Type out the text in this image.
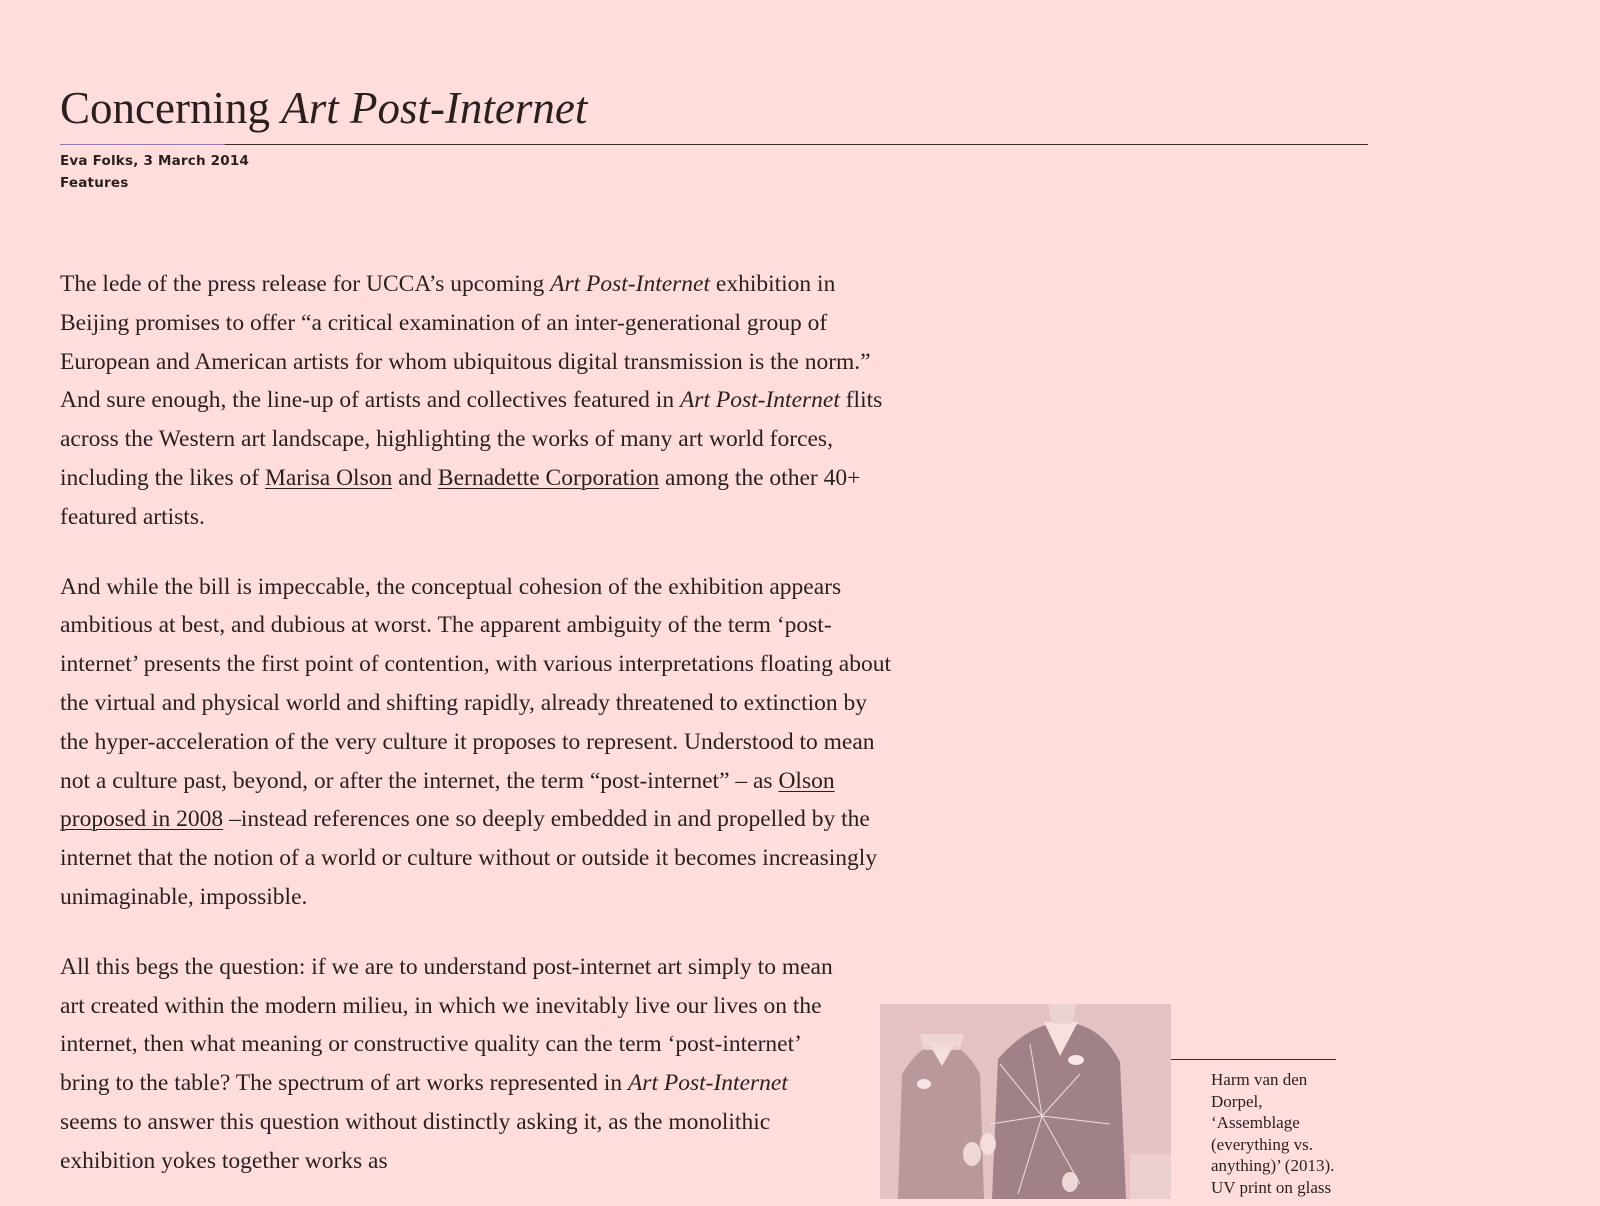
Concerning Art Post-Internet
Eva Folks, 3 March 2014
Features

The lede of the press release for UCCA’s upcoming Art Post-Internet exhibition in Beijing promises to offer “a critical examination of an inter-generational group of European and American artists for whom ubiquitous digital transmission is the norm.” And sure enough, the line-up of artists and collectives featured in Art Post-Internet flits across the Western art landscape, highlighting the works of many art world forces, including the likes of Marisa Olson and Bernadette Corporation among the other 40+ featured artists.

And while the bill is impeccable, the conceptual cohesion of the exhibition appears ambitious at best, and dubious at worst. The apparent ambiguity of the term ‘post-internet’ presents the first point of contention, with various interpretations floating about the virtual and physical world and shifting rapidly, already threatened to extinction by the hyper-acceleration of the very culture it proposes to represent. Understood to mean not a culture past, beyond, or after the internet, the term “post-internet” – as Olson proposed in 2008 –instead references one so deeply embedded in and propelled by the internet that the notion of a world or culture without or outside it becomes increasingly unimaginable, impossible.

All this begs the question: if we are to understand post-internet art simply to mean art created within the modern milieu, in which we inevitably live our lives on the internet, then what meaning or constructive quality can the term ‘post-internet’ bring to the table? The spectrum of art works represented in Art Post-Internet seems to answer this question without distinctly asking it, as the monolithic exhibition yokes together works as

Harm van den Dorpel, ‘Assemblage (everything vs. anything)’ (2013). UV print on glass
